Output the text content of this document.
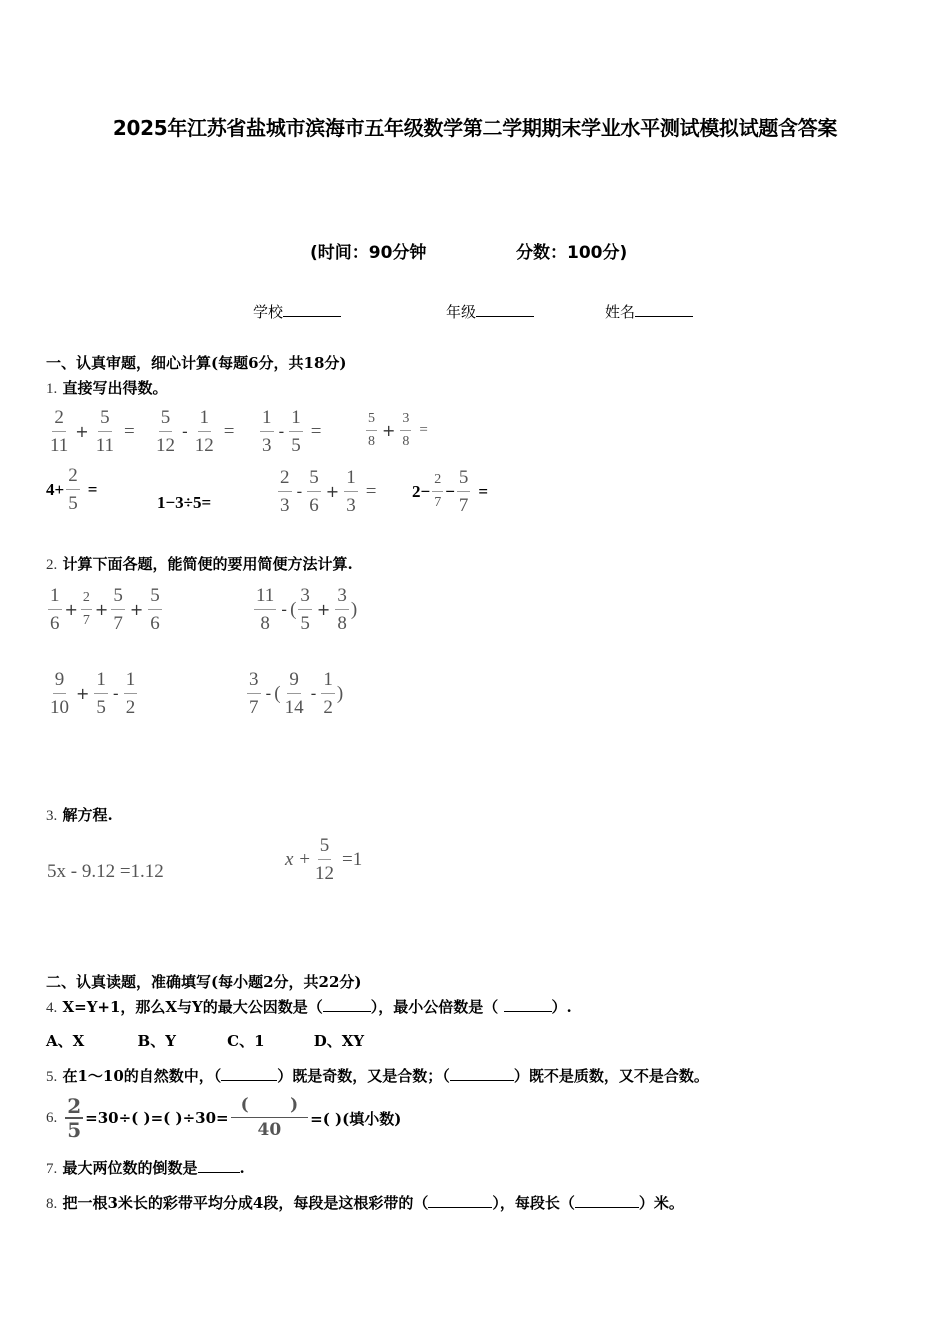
2025年江苏省盐城市滨海市五年级数学第二学期期末学业水平测试模拟试题含答案
(时间：90分钟	分数：100分)
学校	年级	姓名
一、认真审题，细心计算(每题6分，共18分)
1. 直接写出得数。
$\frac{2}{11} + \frac{5}{11} = \frac{5}{12} - \frac{1}{12} = \frac{1}{3} - \frac{1}{5}$ =	$\frac{5}{8} + \frac{3}{8}$ =
$4+ \frac{2}{5}$ =
1−3÷5=	$\frac{2}{3} - \frac{5}{6} + \frac{1}{3} = 2- \frac{2}{7} - \frac{5}{7}$ =
2. 计算下面各题，能简便的要用简便方法计算.
$\frac{1}{6} + \frac{2}{7} + \frac{5}{7} + \frac{5}{6}$	$\frac{11}{8}$ - ( $\frac{3}{5} + \frac{3}{8}$ )
$\frac{9}{10} + \frac{1}{5} - \frac{1}{2}$	$\frac{3}{7}$ - ( $\frac{9}{14} - \frac{1}{2}$ )
3. 解方程.
5x - 9.12 =1.12
$x + \frac{5}{12} =1$
二、认真读题，准确填写(每小题2分，共22分)
4. X=Y+1，那么X与Y的最大公因数是（	），最小公倍数是（	）.
A、X	B、Y	C、1	D、XY
5. 在1～10的自然数中，（	）既是奇数，又是合数；（	）既不是质数，又不是合数。
6. $\frac{2}{5} =30\div$( )=( )$\div 30= \frac{( )}{40}$ =( )(填小数)
7. 最大两位数的倒数是	.
8. 把一根3米长的彩带平均分成4段，每段是这根彩带的（	），每段长（	）米。
